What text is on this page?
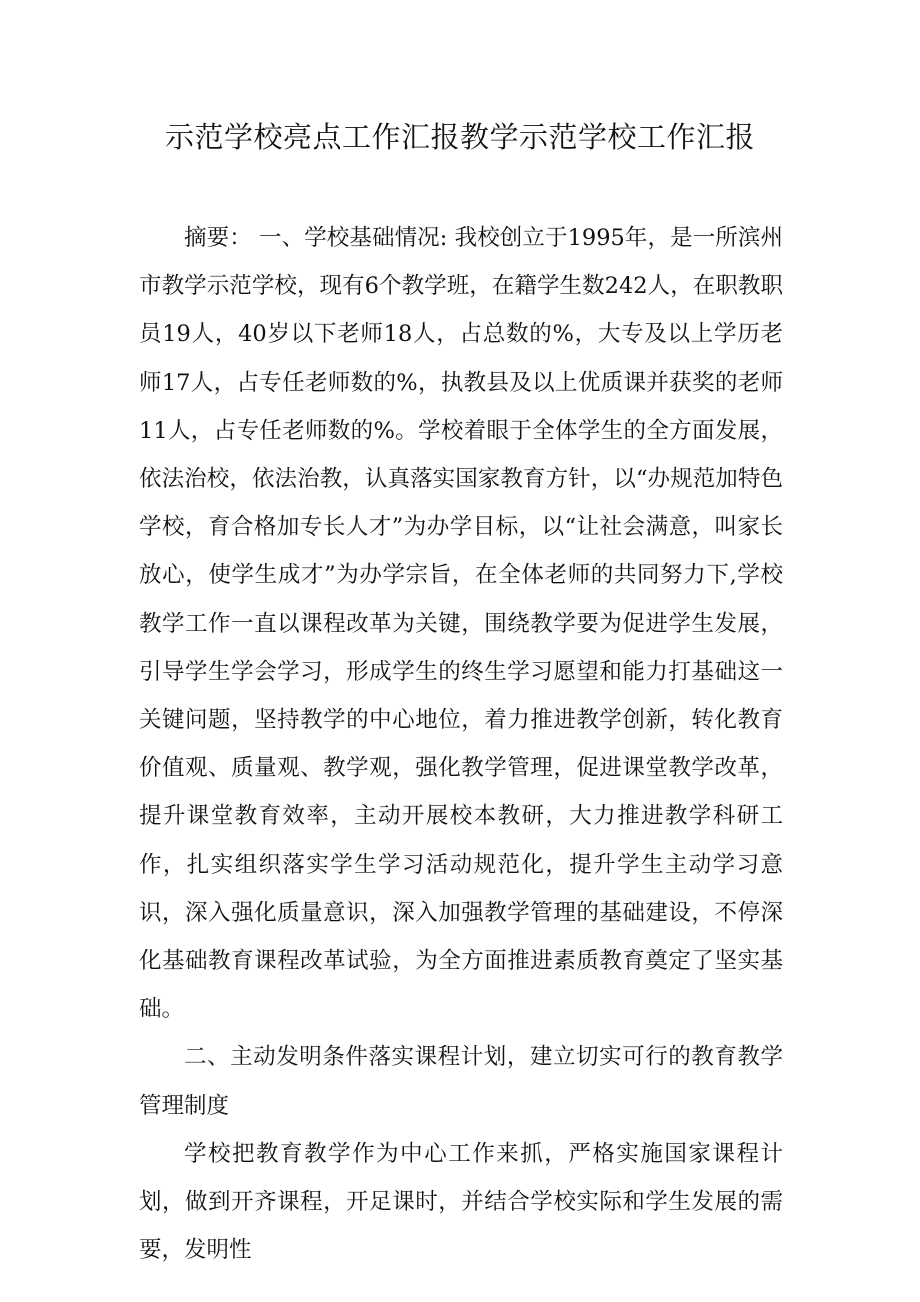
示范学校亮点工作汇报教学示范学校工作汇报

摘要： 一、学校基础情况: 我校创立于1995年，是一所滨州市教学示范学校，现有6个教学班，在籍学生数242人，在职教职员19人，40岁以下老师18人，占总数的%，大专及以上学历老师17人，占专任老师数的%，执教县及以上优质课并获奖的老师11人，占专任老师数的%。学校着眼于全体学生的全方面发展，依法治校，依法治教，认真落实国家教育方针，以“办规范加特色学校，育合格加专长人才”为办学目标，以“让社会满意，叫家长放心，使学生成才”为办学宗旨，在全体老师的共同努力下,学校教学工作一直以课程改革为关键，围绕教学要为促进学生发展，引导学生学会学习，形成学生的终生学习愿望和能力打基础这一关键问题，坚持教学的中心地位，着力推进教学创新，转化教育价值观、质量观、教学观，强化教学管理，促进课堂教学改革，提升课堂教育效率，主动开展校本教研，大力推进教学科研工作，扎实组织落实学生学习活动规范化，提升学生主动学习意识，深入强化质量意识，深入加强教学管理的基础建设，不停深化基础教育课程改革试验，为全方面推进素质教育奠定了坚实基础。

二、主动发明条件落实课程计划，建立切实可行的教育教学管理制度

学校把教育教学作为中心工作来抓，严格实施国家课程计划，做到开齐课程，开足课时，并结合学校实际和学生发展的需要，发明性
